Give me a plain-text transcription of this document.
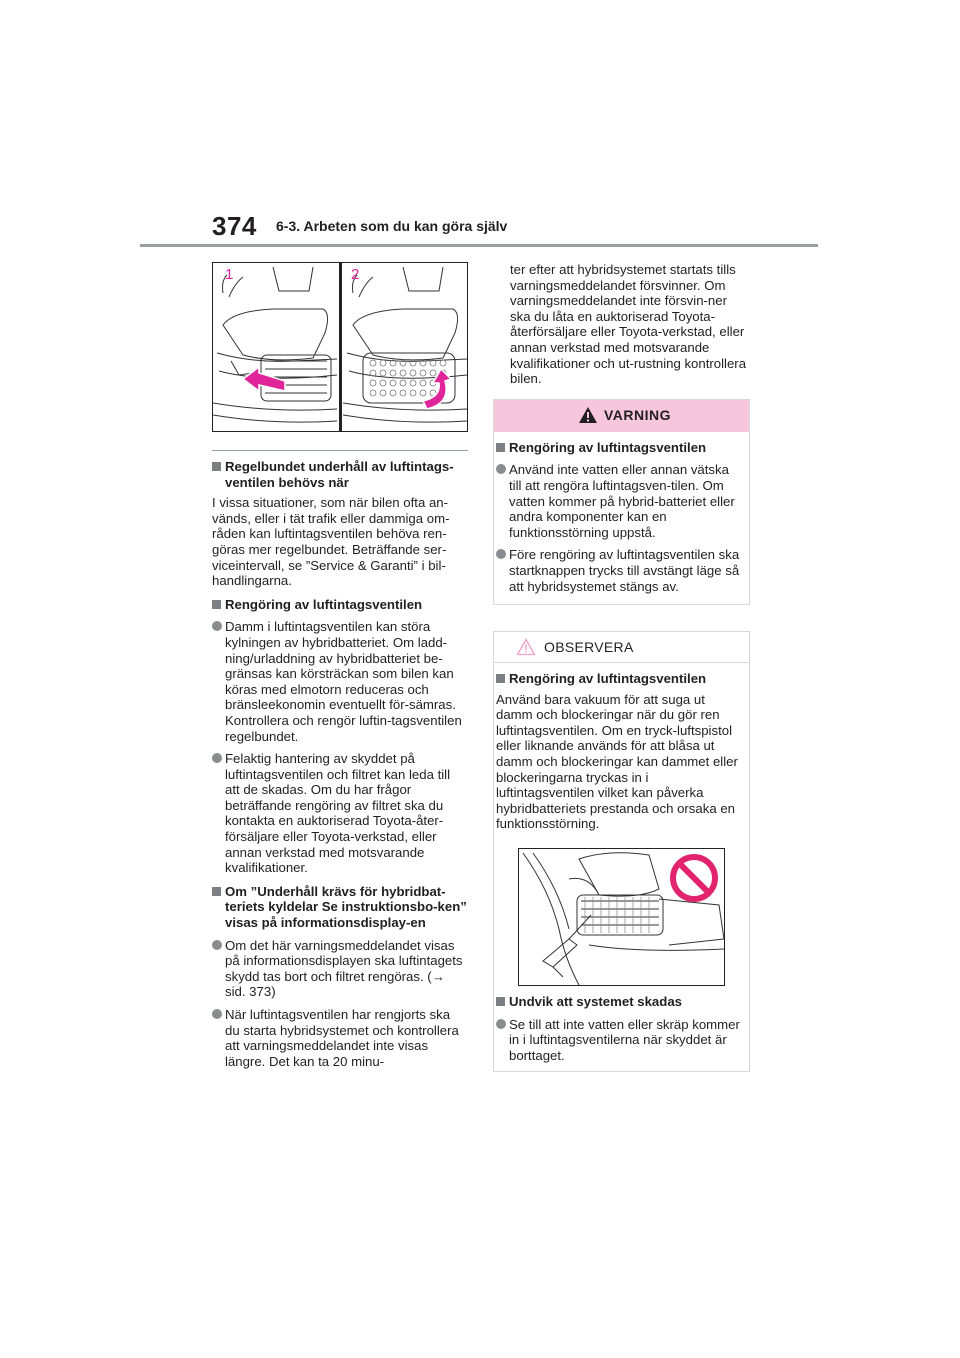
374 6-3. Arbeten som du kan göra själv
1	2
Regelbundet underhåll av luftintags-ventilen behövs när
I vissa situationer, som när bilen ofta an-vänds, eller i tät trafik eller dammiga om-råden kan luftintagsventilen behöva ren-göras mer regelbundet. Beträffande ser-viceintervall, se ”Service & Garanti” i bil-handlingarna.
Rengöring av luftintagsventilen
Damm i luftintagsventilen kan störa kylningen av hybridbatteriet. Om ladd-ning/urladdning av hybridbatteriet be-gränsas kan körsträckan som bilen kan köras med elmotorn reduceras och bränsleekonomin eventuellt för-sämras. Kontrollera och rengör luftin-tagsventilen regelbundet.
Felaktig hantering av skyddet på luftintagsventilen och filtret kan leda till att de skadas. Om du har frågor beträffande rengöring av filtret ska du kontakta en auktoriserad Toyota-åter-försäljare eller Toyota-verkstad, eller annan verkstad med motsvarande kvalifikationer.
Om ”Underhåll krävs för hybridbat-teriets kyldelar Se instruktionsbo-ken” visas på informationsdisplay-en
Om det här varningsmeddelandet visas på informationsdisplayen ska luftintagets skydd tas bort och filtret rengöras. (→ sid. 373)
När luftintagsventilen har rengjorts ska du starta hybridsystemet och kontrollera att varningsmeddelandet inte visas längre. Det kan ta 20 minu-
ter efter att hybridsystemet startats tills varningsmeddelandet försvinner. Om varningsmeddelandet inte försvin-ner ska du låta en auktoriserad Toyota-återförsäljare eller Toyota-verkstad, eller annan verkstad med motsvarande kvalifikationer och ut-rustning kontrollera bilen.
VARNING
Rengöring av luftintagsventilen
Använd inte vatten eller annan vätska till att rengöra luftintagsven-tilen. Om vatten kommer på hybrid-batteriet eller andra komponenter kan en funktionsstörning uppstå.
Före rengöring av luftintagsventilen ska startknappen trycks till avstängt läge så att hybridsystemet stängs av.
OBSERVERA
Rengöring av luftintagsventilen
Använd bara vakuum för att suga ut damm och blockeringar när du gör ren luftintagsventilen. Om en tryck-luftspistol eller liknande används för att blåsa ut damm och blockeringar kan dammet eller blockeringarna tryckas in i luftintagsventilen vilket kan påverka hybridbatteriets prestanda och orsaka en funktionsstörning.
Undvik att systemet skadas
Se till att inte vatten eller skräp kommer in i luftintagsventilerna när skyddet är borttaget.
